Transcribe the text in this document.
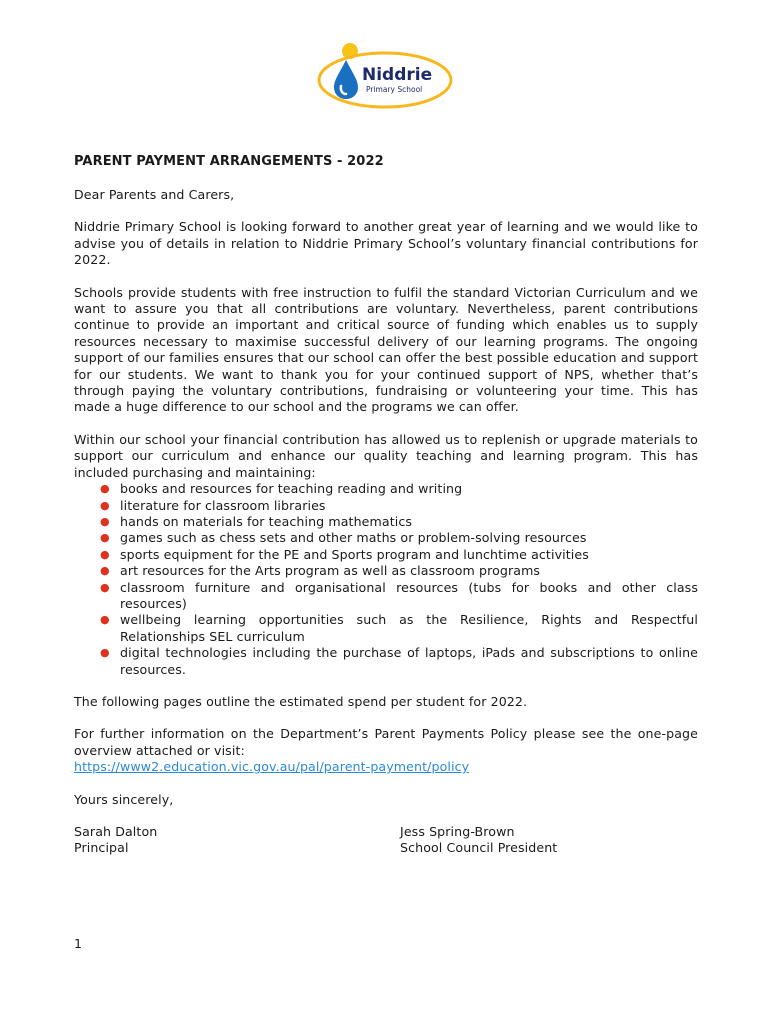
Niddrie
Primary School
PARENT PAYMENT ARRANGEMENTS - 2022

Dear Parents and Carers,

Niddrie Primary School is looking forward to another great year of learning and we would like to advise you of details in relation to Niddrie Primary School’s voluntary financial contributions for 2022.

Schools provide students with free instruction to fulfil the standard Victorian Curriculum and we want to assure you that all contributions are voluntary. Nevertheless, parent contributions continue to provide an important and critical source of funding which enables us to supply resources necessary to maximise successful delivery of our learning programs. The ongoing support of our families ensures that our school can offer the best possible education and support for our students. We want to thank you for your continued support of NPS, whether that’s through paying the voluntary contributions, fundraising or volunteering your time. This has made a huge difference to our school and the programs we can offer.

Within our school your financial contribution has allowed us to replenish or upgrade materials to support our curriculum and enhance our quality teaching and learning program. This has included purchasing and maintaining:

● books and resources for teaching reading and writing
● literature for classroom libraries
● hands on materials for teaching mathematics
● games such as chess sets and other maths or problem-solving resources
● sports equipment for the PE and Sports program and lunchtime activities
● art resources for the Arts program as well as classroom programs
● classroom furniture and organisational resources (tubs for books and other class resources)
● wellbeing learning opportunities such as the Resilience, Rights and Respectful Relationships SEL curriculum
● digital technologies including the purchase of laptops, iPads and subscriptions to online resources.

The following pages outline the estimated spend per student for 2022.

For further information on the Department’s Parent Payments Policy please see the one-page overview attached or visit:

https://www2.education.vic.gov.au/pal/parent-payment/policy

Yours sincerely,

Sarah Dalton
Principal
Jess Spring-Brown
School Council President
1
